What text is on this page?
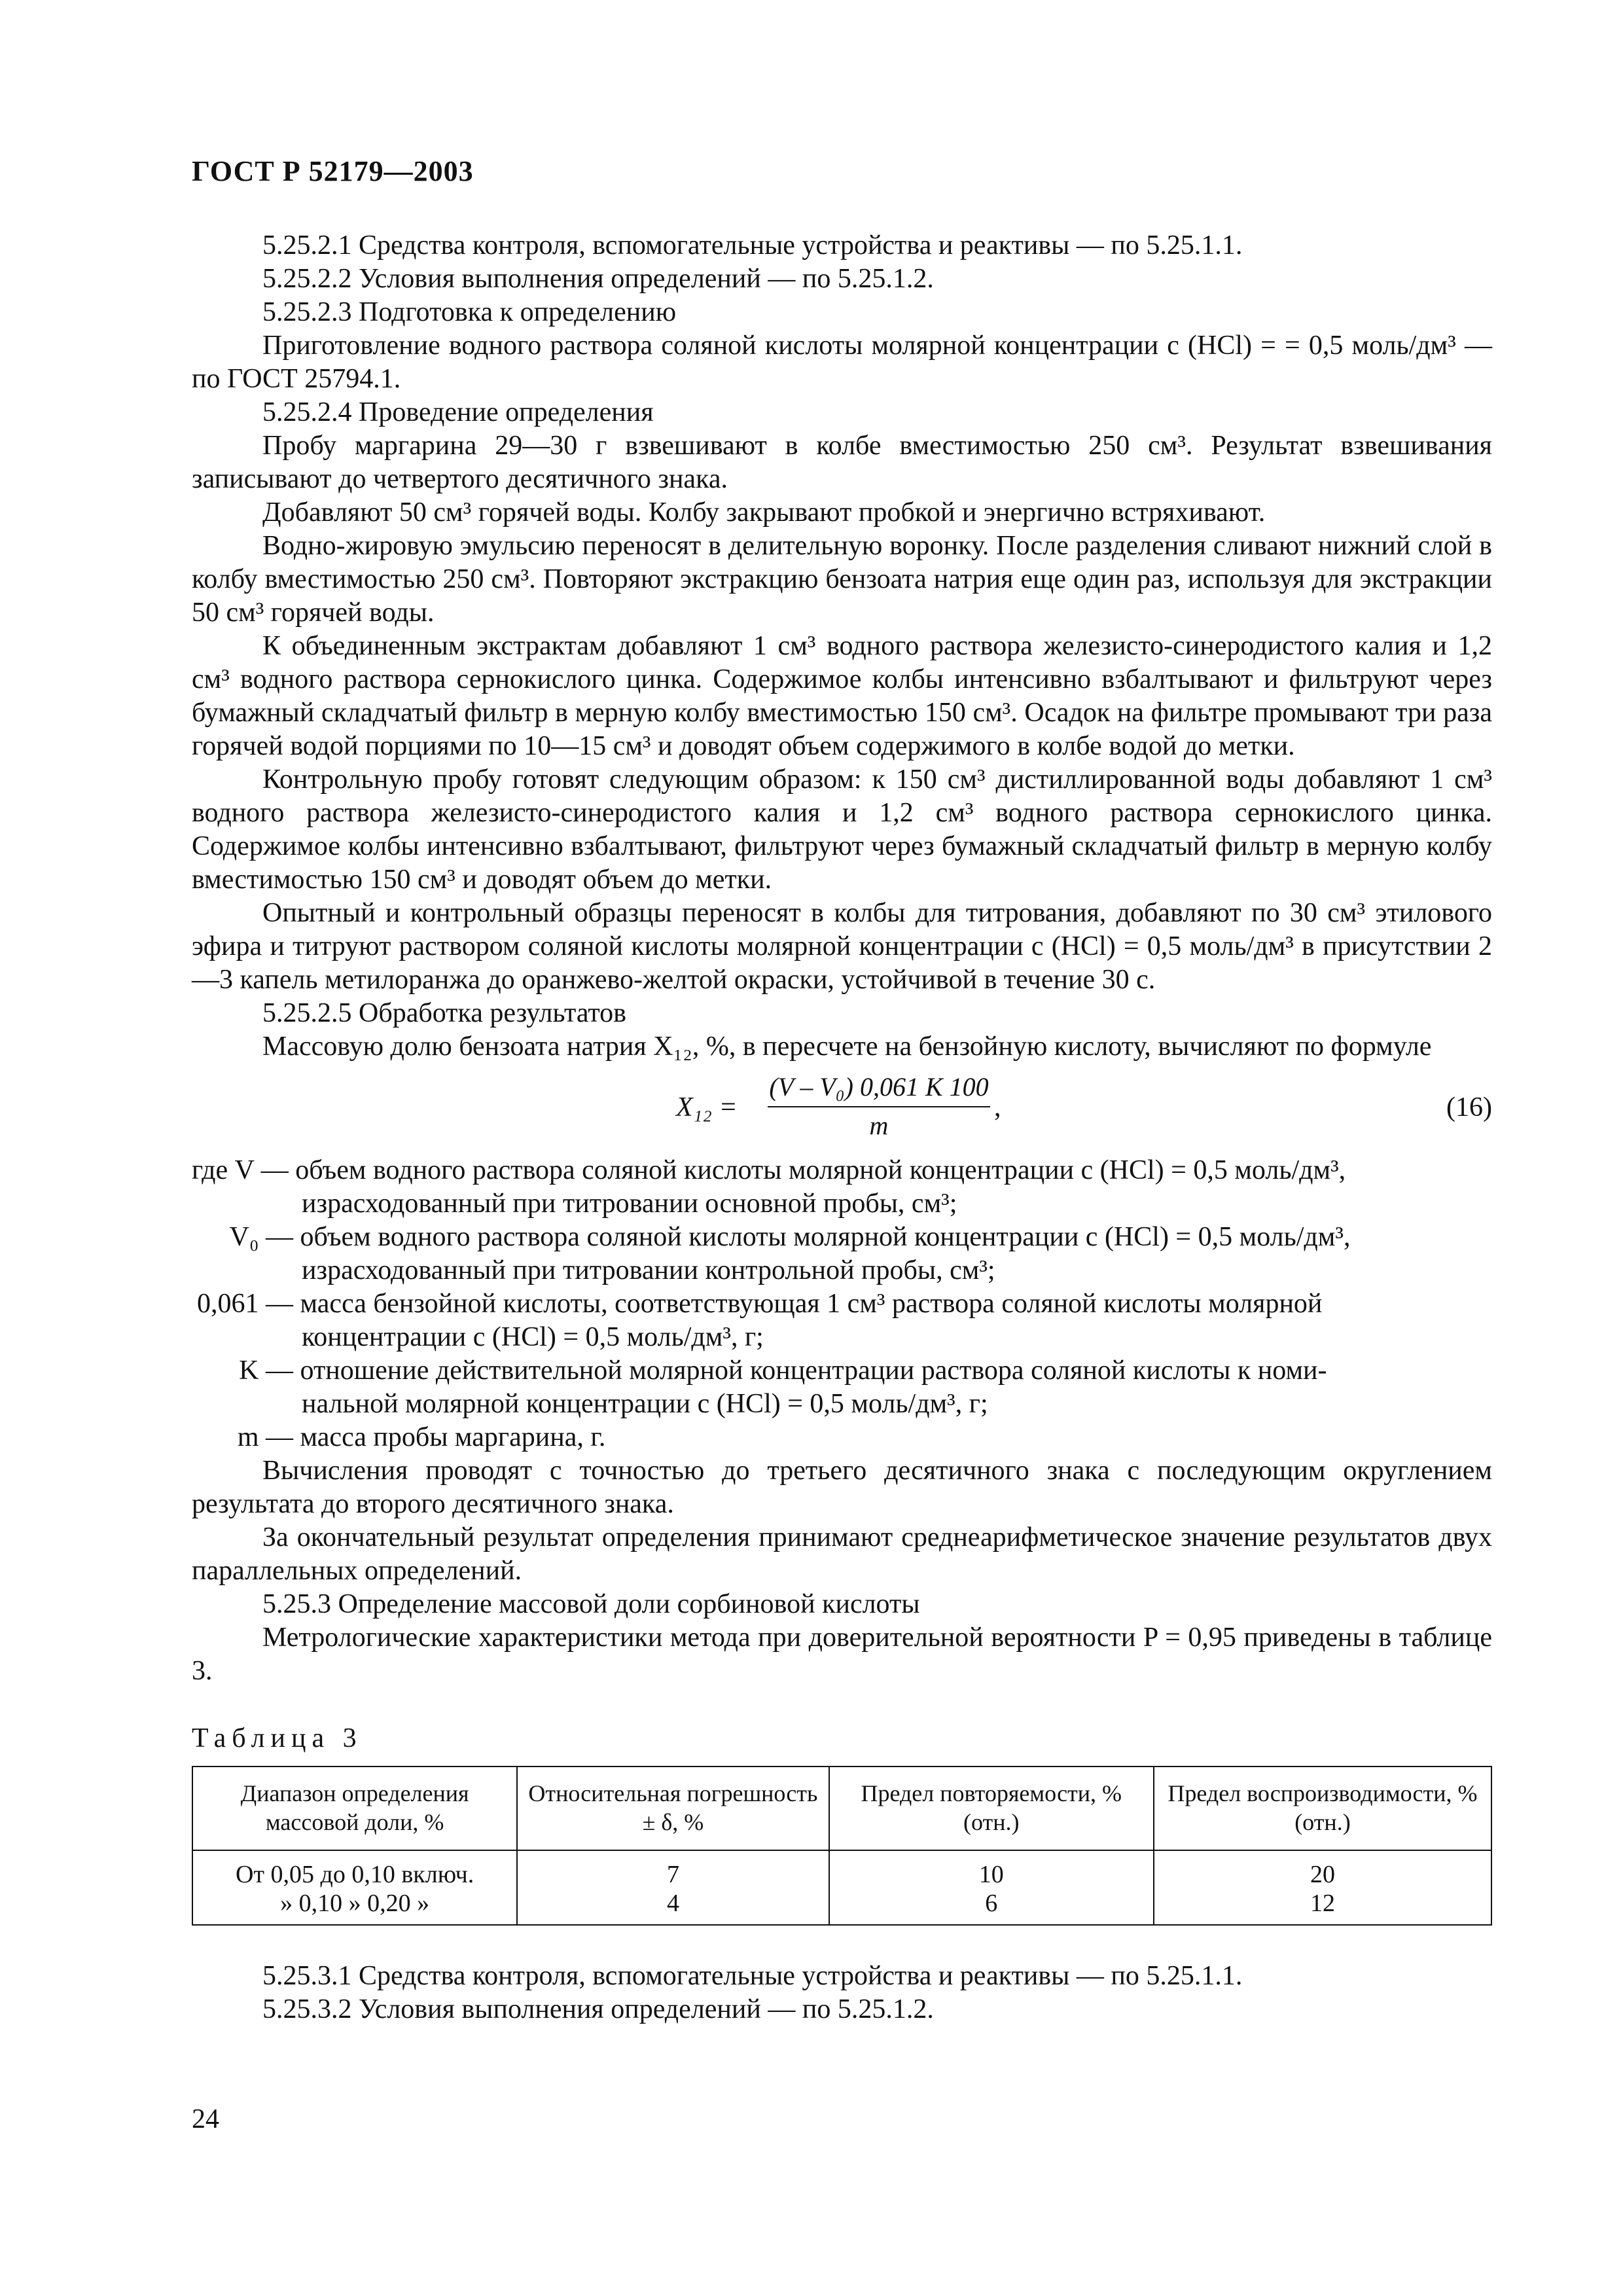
ГОСТ Р 52179—2003

5.25.2.1 Средства контроля, вспомогательные устройства и реактивы — по 5.25.1.1.

5.25.2.2 Условия выполнения определений — по 5.25.1.2.

5.25.2.3 Подготовка к определению

Приготовление водного раствора соляной кислоты молярной концентрации c (HCl) = = 0,5 моль/дм³ — по ГОСТ 25794.1.

5.25.2.4 Проведение определения

Пробу маргарина 29—30 г взвешивают в колбе вместимостью 250 см³. Результат взвешивания записывают до четвертого десятичного знака.

Добавляют 50 см³ горячей воды. Колбу закрывают пробкой и энергично встряхивают.

Водно-жировую эмульсию переносят в делительную воронку. После разделения сливают нижний слой в колбу вместимостью 250 см³. Повторяют экстракцию бензоата натрия еще один раз, используя для экстракции 50 см³ горячей воды.

К объединенным экстрактам добавляют 1 см³ водного раствора железисто-синеродистого калия и 1,2 см³ водного раствора сернокислого цинка. Содержимое колбы интенсивно взбалтывают и фильтруют через бумажный складчатый фильтр в мерную колбу вместимостью 150 см³. Осадок на фильтре промывают три раза горячей водой порциями по 10—15 см³ и доводят объем содержимого в колбе водой до метки.

Контрольную пробу готовят следующим образом: к 150 см³ дистиллированной воды добавляют 1 см³ водного раствора железисто-синеродистого калия и 1,2 см³ водного раствора сернокислого цинка. Содержимое колбы интенсивно взбалтывают, фильтруют через бумажный складчатый фильтр в мерную колбу вместимостью 150 см³ и доводят объем до метки.

Опытный и контрольный образцы переносят в колбы для титрования, добавляют по 30 см³ этилового эфира и титруют раствором соляной кислоты молярной концентрации c (HCl) = 0,5 моль/дм³ в присутствии 2—3 капель метилоранжа до оранжево-желтой окраски, устойчивой в течение 30 с.

5.25.2.5 Обработка результатов

Массовую долю бензоата натрия X₁₂, %, в пересчете на бензойную кислоту, вычисляют по формуле

$X_{12} = \frac{\text{(V – V₀) 0,061 K 100}}{m}$ ,	(16)
где V —
объем водного раствора соляной кислоты молярной концентрации c (HCl) = 0,5 моль/дм³,
израсходованный при титровании основной пробы, см³;
V₀ —
объем водного раствора соляной кислоты молярной концентрации c (HCl) = 0,5 моль/дм³,
израсходованный при титровании контрольной пробы, см³;
0,061 —
масса бензойной кислоты, соответствующая 1 см³ раствора соляной кислоты молярной
концентрации c (HCl) = 0,5 моль/дм³, г;
K —
отношение действительной молярной концентрации раствора соляной кислоты к номи-
нальной молярной концентрации c (HCl) = 0,5 моль/дм³, г;
m —
масса пробы маргарина, г.

Вычисления проводят с точностью до третьего десятичного знака с последующим округлением результата до второго десятичного знака.

За окончательный результат определения принимают среднеарифметическое значение результатов двух параллельных определений.

5.25.3 Определение массовой доли сорбиновой кислоты

Метрологические характеристики метода при доверительной вероятности P = 0,95 приведены в таблице 3.

Таблица 3
Диапазон определения массовой доли, %	Относительная погрешность ± δ, %	Предел повторяемости, % (отн.)	Предел воспроизводимости, % (отн.)
От 0,05 до 0,10 включ.	7	10	20
» 0,10 » 0,20 »	4	6	12

5.25.3.1 Средства контроля, вспомогательные устройства и реактивы — по 5.25.1.1.

5.25.3.2 Условия выполнения определений — по 5.25.1.2.

24
